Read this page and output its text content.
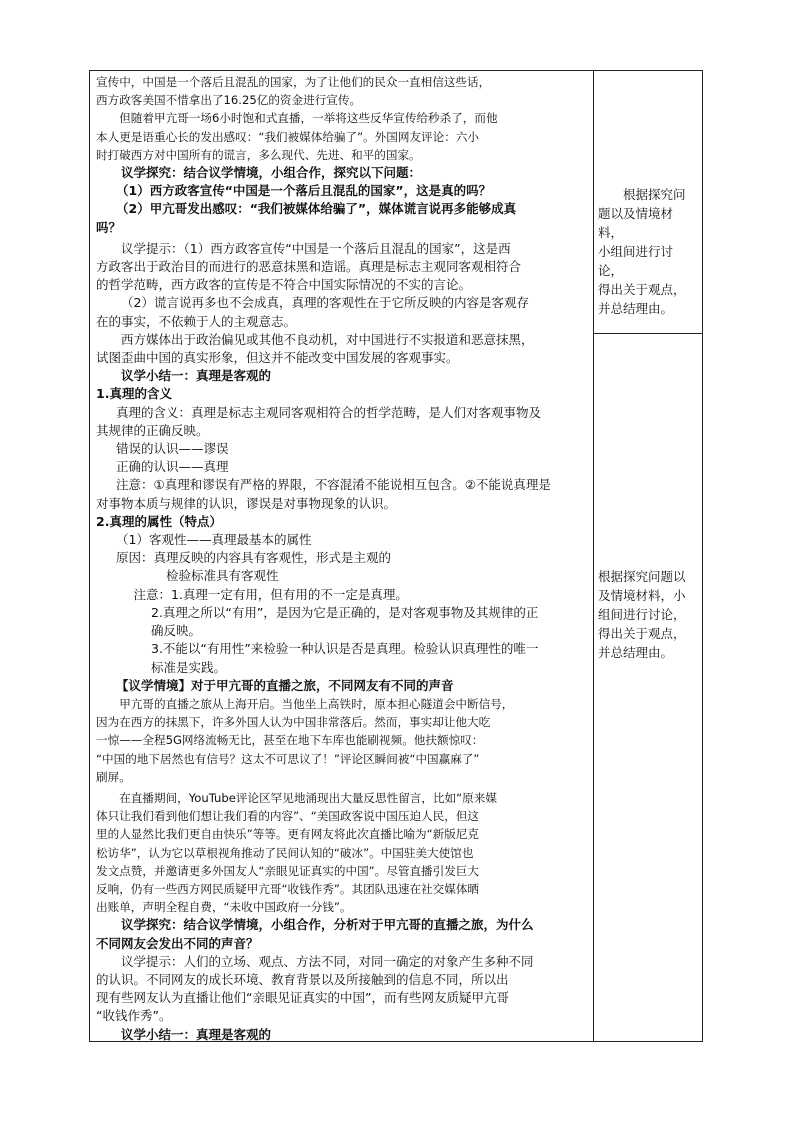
宣传中，中国是一个落后且混乱的国家，为了让他们的民众一直相信这些话，

西方政客美国不惜拿出了16.25亿的资金进行宣传。

但随着甲亢哥一场6小时饱和式直播，一举将这些反华宣传给秒杀了，而他

本人更是语重心长的发出感叹：“我们被媒体给骗了”。外国网友评论：六小

时打破西方对中国所有的谎言，多么现代、先进、和平的国家。

议学探究：结合议学情境，小组合作，探究以下问题：

（1）西方政客宣传“中国是一个落后且混乱的国家”，这是真的吗？

（2）甲亢哥发出感叹：“我们被媒体给骗了”，媒体谎言说再多能够成真

吗？

议学提示：（1）西方政客宣传“中国是一个落后且混乱的国家”，这是西

方政客出于政治目的而进行的恶意抹黑和造谣。真理是标志主观同客观相符合

的哲学范畴，西方政客的宣传是不符合中国实际情况的不实的言论。

（2）谎言说再多也不会成真，真理的客观性在于它所反映的内容是客观存

在的事实，不依赖于人的主观意志。

西方媒体出于政治偏见或其他不良动机，对中国进行不实报道和恶意抹黑，

试图歪曲中国的真实形象，但这并不能改变中国发展的客观事实。

议学小结一：真理是客观的

1.真理的含义

真理的含义：真理是标志主观同客观相符合的哲学范畴，是人们对客观事物及

其规律的正确反映。

错误的认识——谬误

正确的认识——真理

注意：①真理和谬误有严格的界限，不容混淆不能说相互包含。②不能说真理是

对事物本质与规律的认识，谬误是对事物现象的认识。

2.真理的属性（特点）

（1）客观性——真理最基本的属性

原因：真理反映的内容具有客观性，形式是主观的

检验标准具有客观性

注意：1.真理一定有用，但有用的不一定是真理。

2.真理之所以“有用”，是因为它是正确的，是对客观事物及其规律的正

确反映。

3.不能以“有用性”来检验一种认识是否是真理。检验认识真理性的唯一

标准是实践。

【议学情境】对于甲亢哥的直播之旅，不同网友有不同的声音

甲亢哥的直播之旅从上海开启。当他坐上高铁时，原本担心隧道会中断信号，

因为在西方的抹黑下，许多外国人认为中国非常落后。然而，事实却让他大吃

一惊——全程5G网络流畅无比，甚至在地下车库也能刷视频。他扶额惊叹：

“中国的地下居然也有信号？这太不可思议了！”评论区瞬间被“中国赢麻了”

刷屏。

在直播期间，YouTube评论区罕见地涌现出大量反思性留言，比如“原来媒

体只让我们看到他们想让我们看的内容”、“美国政客说中国压迫人民，但这

里的人显然比我们更自由快乐”等等。更有网友将此次直播比喻为“新版尼克

松访华”，认为它以草根视角推动了民间认知的“破冰”。中国驻美大使馆也

发文点赞，并邀请更多外国友人“亲眼见证真实的中国”。尽管直播引发巨大

反响，仍有一些西方网民质疑甲亢哥“收钱作秀”。其团队迅速在社交媒体晒

出账单，声明全程自费，“未收中国政府一分钱”。

议学探究：结合议学情境，小组合作，分析对于甲亢哥的直播之旅，为什么

不同网友会发出不同的声音？

议学提示：人们的立场、观点、方法不同，对同一确定的对象产生多种不同

的认识。不同网友的成长环境、教育背景以及所接触到的信息不同，所以出

现有些网友认为直播让他们“亲眼见证真实的中国”，而有些网友质疑甲亢哥

“收钱作秀”。

议学小结一：真理是客观的

根据探究问

题以及情境材料，

小组间进行讨论，

得出关于观点，

并总结理由。

根据探究问题以

及情境材料，小

组间进行讨论，

得出关于观点，

并总结理由。
